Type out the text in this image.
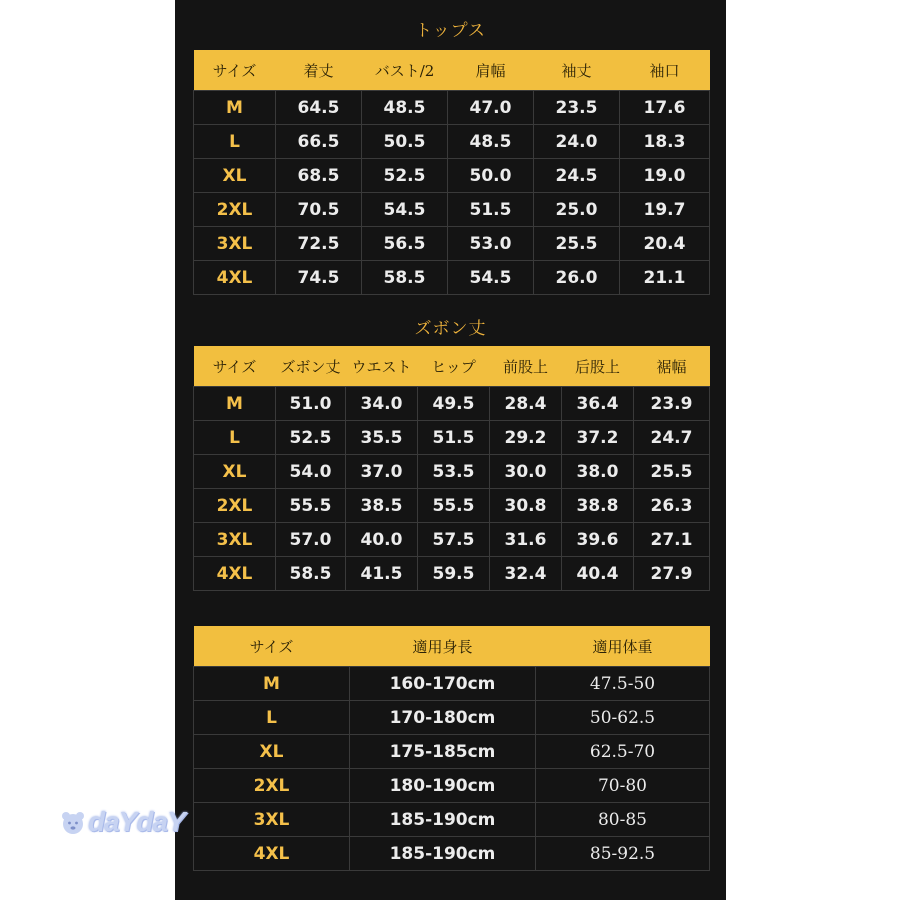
トップス
サイズ	着丈	バスト/2	肩幅	袖丈	袖口
M	64.5	48.5	47.0	23.5	17.6
L	66.5	50.5	48.5	24.0	18.3
XL	68.5	52.5	50.0	24.5	19.0
2XL	70.5	54.5	51.5	25.0	19.7
3XL	72.5	56.5	53.0	25.5	20.4
4XL	74.5	58.5	54.5	26.0	21.1
ズボン丈
サイズ	ズボン丈	ウエスト	ヒップ	前股上	后股上	裾幅
M	51.0	34.0	49.5	28.4	36.4	23.9
L	52.5	35.5	51.5	29.2	37.2	24.7
XL	54.0	37.0	53.5	30.0	38.0	25.5
2XL	55.5	38.5	55.5	30.8	38.8	26.3
3XL	57.0	40.0	57.5	31.6	39.6	27.1
4XL	58.5	41.5	59.5	32.4	40.4	27.9
サイズ	適用身長	適用体重
M	160-170cm	47.5-50
L	170-180cm	50-62.5
XL	175-185cm	62.5-70
2XL	180-190cm	70-80
3XL	185-190cm	80-85
4XL	185-190cm	85-92.5
daYdaY
